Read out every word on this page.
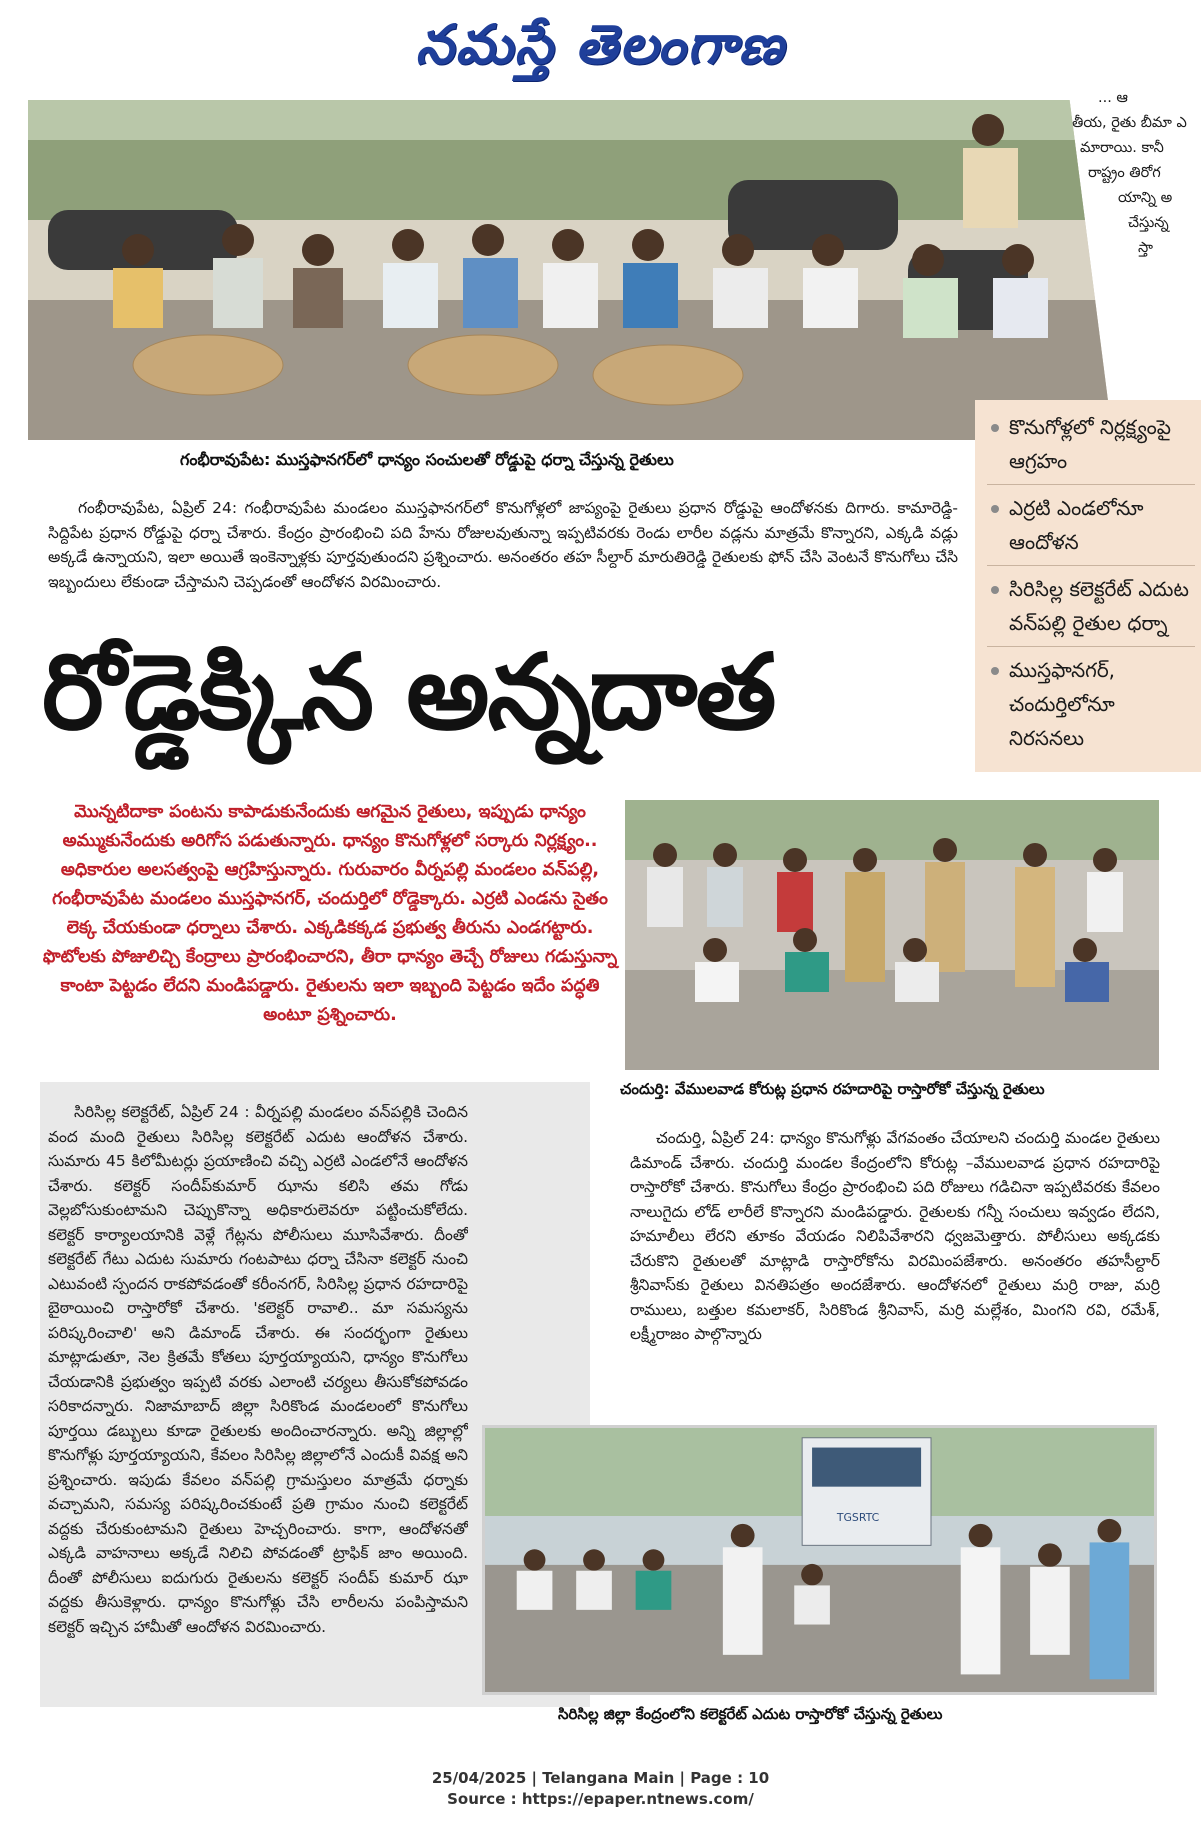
నమస్తే తెలంగాణ
... ఆ
తీయ, రైతు బీమా ఎ
మారాయి. కానీ
రాష్ట్రం తిరోగ
యాన్ని అ
చేస్తున్న
స్తా
గంభీరావుపేట: ముస్తఫానగర్‌లో ధాన్యం సంచులతో రోడ్డుపై ధర్నా చేస్తున్న రైతులు
కొనుగోళ్లలో నిర్లక్ష్యంపై ఆగ్రహం
ఎర్రటి ఎండలోనూ ఆందోళన
సిరిసిల్ల కలెక్టరేట్ ఎదుట వన్‌పల్లి రైతుల ధర్నా
ముస్తఫానగర్, చందుర్తిలోనూ నిరసనలు
గంభీరావుపేట, ఏప్రిల్ 24: గంభీరావుపేట మండలం ముస్తఫానగర్‌లో కొనుగోళ్లలో జాప్యంపై రైతులు ప్రధాన రోడ్డుపై ఆందోళనకు దిగారు. కామారెడ్డి-సిద్దిపేట ప్రధాన రోడ్డుపై ధర్నా చేశారు. కేంద్రం ప్రారంభించి పది హేను రోజులవుతున్నా ఇప్పటివరకు రెండు లారీల వడ్లను మాత్రమే కొన్నారని, ఎక్కడి వడ్లు అక్కడే ఉన్నాయని, ఇలా అయితే ఇంకెన్నాళ్లకు పూర్తవుతుందని ప్రశ్నించారు. అనంతరం తహ సీల్దార్ మారుతిరెడ్డి రైతులకు ఫోన్ చేసి వెంటనే కొనుగోలు చేసి ఇబ్బందులు లేకుండా చేస్తామని చెప్పడంతో ఆందోళన విరమించారు.
రోడ్డెక్కిన అన్నదాత
మొన్నటిదాకా పంటను కాపాడుకునేందుకు ఆగమైన రైతులు, ఇప్పుడు ధాన్యం అమ్ముకునేందుకు అరిగోస పడుతున్నారు. ధాన్యం కొనుగోళ్లలో సర్కారు నిర్లక్ష్యం.. అధికారుల అలసత్వంపై ఆగ్రహిస్తున్నారు. గురువారం వీర్నపల్లి మండలం వన్‌పల్లి, గంభీరావుపేట మండలం ముస్తఫానగర్, చందుర్తిలో రోడ్డెక్కారు. ఎర్రటి ఎండను సైతం లెక్క చేయకుండా ధర్నాలు చేశారు. ఎక్కడికక్కడ ప్రభుత్వ తీరును ఎండగట్టారు. ఫొటోలకు పోజులిచ్చి కేంద్రాలు ప్రారంభించారని, తీరా ధాన్యం తెచ్చే రోజులు గడుస్తున్నా కాంటా పెట్టడం లేదని మండిపడ్డారు. రైతులను ఇలా ఇబ్బంది పెట్టడం ఇదేం పద్ధతి అంటూ ప్రశ్నించారు.
చందుర్తి: వేములవాడ కోరుట్ల ప్రధాన రహదారిపై రాస్తారోకో చేస్తున్న రైతులు
సిరిసిల్ల కలెక్టరేట్, ఏప్రిల్ 24 : వీర్నపల్లి మండలం వన్‌పల్లికి చెందిన వంద మంది రైతులు సిరిసిల్ల కలెక్టరేట్ ఎదుట ఆందోళన చేశారు. సుమారు 45 కిలోమీటర్లు ప్రయాణించి వచ్చి ఎర్రటి ఎండలోనే ఆందోళన చేశారు. కలెక్టర్ సందీప్‌కుమార్ ఝాను కలిసి తమ గోడు వెల్లబోసుకుంటామని చెప్పుకొన్నా అధికారులెవరూ పట్టించుకోలేదు. కలెక్టర్ కార్యాలయానికి వెళ్లే గేట్లను పోలీసులు మూసివేశారు. దీంతో కలెక్టరేట్ గేటు ఎదుట సుమారు గంటపాటు ధర్నా చేసినా కలెక్టర్ నుంచి ఎటువంటి స్పందన రాకపోవడంతో కరీంనగర్, సిరిసిల్ల ప్రధాన రహదారిపై బైఠాయించి రాస్తారోకో చేశారు. 'కలెక్టర్ రావాలి.. మా సమస్యను పరిష్కరించాలి' అని డిమాండ్ చేశారు. ఈ సందర్భంగా రైతులు మాట్లాడుతూ, నెల క్రితమే కోతలు పూర్తయ్యాయని, ధాన్యం కొనుగోలు చేయడానికి ప్రభుత్వం ఇప్పటి వరకు ఎలాంటి చర్యలు తీసుకోకపోవడం సరికాదన్నారు. నిజామాబాద్ జిల్లా సిరికొండ మండలంలో కొనుగోలు పూర్తయి డబ్బులు కూడా రైతులకు అందించారన్నారు. అన్ని జిల్లాల్లో కొనుగోళ్లు పూర్తయ్యాయని, కేవలం సిరిసిల్ల జిల్లాలోనే ఎందుకీ వివక్ష అని ప్రశ్నించారు. ఇపుడు కేవలం వన్‌పల్లి గ్రామస్తులం మాత్రమే ధర్నాకు వచ్చామని, సమస్య పరిష్కరించకుంటే ప్రతి గ్రామం నుంచి కలెక్టరేట్ వద్దకు చేరుకుంటామని రైతులు హెచ్చరించారు. కాగా, ఆందోళనతో ఎక్కడి వాహనాలు అక్కడే నిలిచి పోవడంతో ట్రాఫిక్ జాం అయింది. దీంతో పోలీసులు ఐదుగురు రైతులను కలెక్టర్ సందీప్ కుమార్ ఝా వద్దకు తీసుకెళ్లారు. ధాన్యం కొనుగోళ్లు చేసి లారీలను పంపిస్తామని కలెక్టర్ ఇచ్చిన హామీతో ఆందోళన విరమించారు.
చందుర్తి, ఏప్రిల్ 24: ధాన్యం కొనుగోళ్లు వేగవంతం చేయాలని చందుర్తి మండల రైతులు డిమాండ్ చేశారు. చందుర్తి మండల కేంద్రంలోని కోరుట్ల –వేములవాడ ప్రధాన రహదారిపై రాస్తారోకో చేశారు. కొనుగోలు కేంద్రం ప్రారంభించి పది రోజులు గడిచినా ఇప్పటివరకు కేవలం నాలుగైదు లోడ్ లారీలే కొన్నారని మండిపడ్డారు. రైతులకు గన్నీ సంచులు ఇవ్వడం లేదని, హమాలీలు లేరని తూకం వేయడం నిలిపివేశారని ధ్వజమెత్తారు. పోలీసులు అక్కడకు చేరుకొని రైతులతో మాట్లాడి రాస్తారోకోను విరమింపజేశారు. అనంతరం తహసీల్దార్ శ్రీనివాస్‌కు రైతులు వినతిపత్రం అందజేశారు. ఆందోళనలో రైతులు మర్రి రాజు, మర్రి రాములు, బత్తుల కమలాకర్, సిరికొండ శ్రీనివాస్, మర్రి మల్లేశం, మింగని రవి, రమేశ్, లక్ష్మీరాజం పాల్గొన్నారు
TGSRTC
సిరిసిల్ల జిల్లా కేంద్రంలోని కలెక్టరేట్ ఎదుట రాస్తారోకో చేస్తున్న రైతులు
25/04/2025 | Telangana Main | Page : 10
Source : https://epaper.ntnews.com/
